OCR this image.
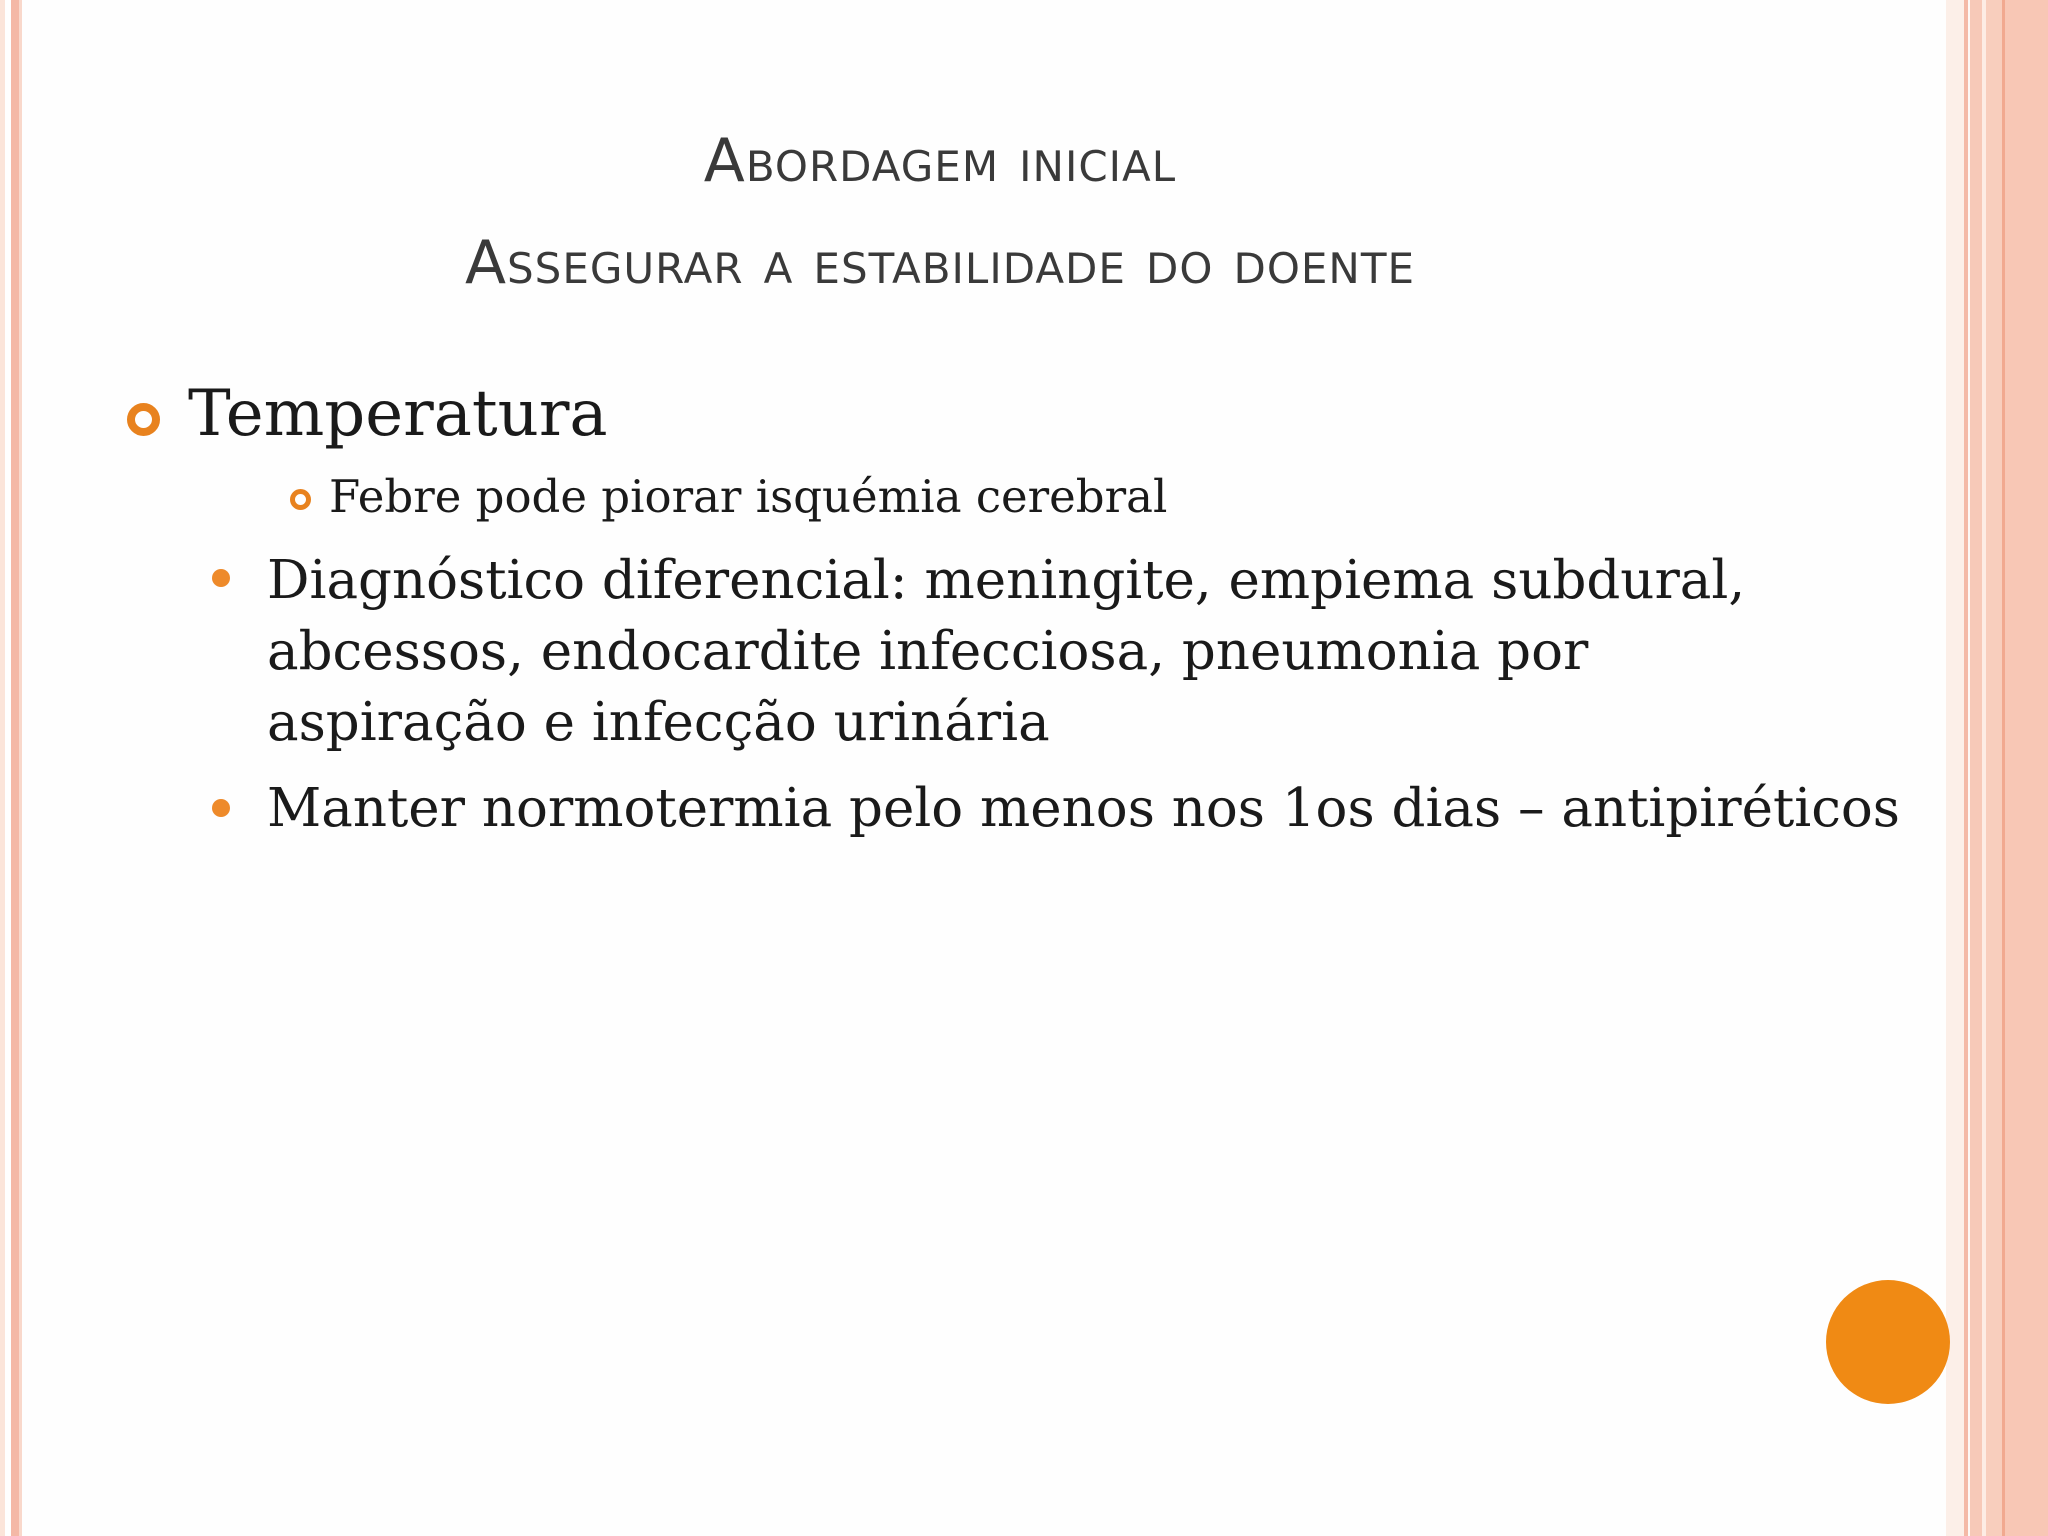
Abordagem inicial
Assegurar a estabilidade do doente
Temperatura
Febre pode piorar isquémia cerebral
Diagnóstico diferencial: meningite, empiema subdural, abcessos, endocardite infecciosa, pneumonia por aspiração e infecção urinária
Manter normotermia pelo menos nos 1os dias – antipiréticos
